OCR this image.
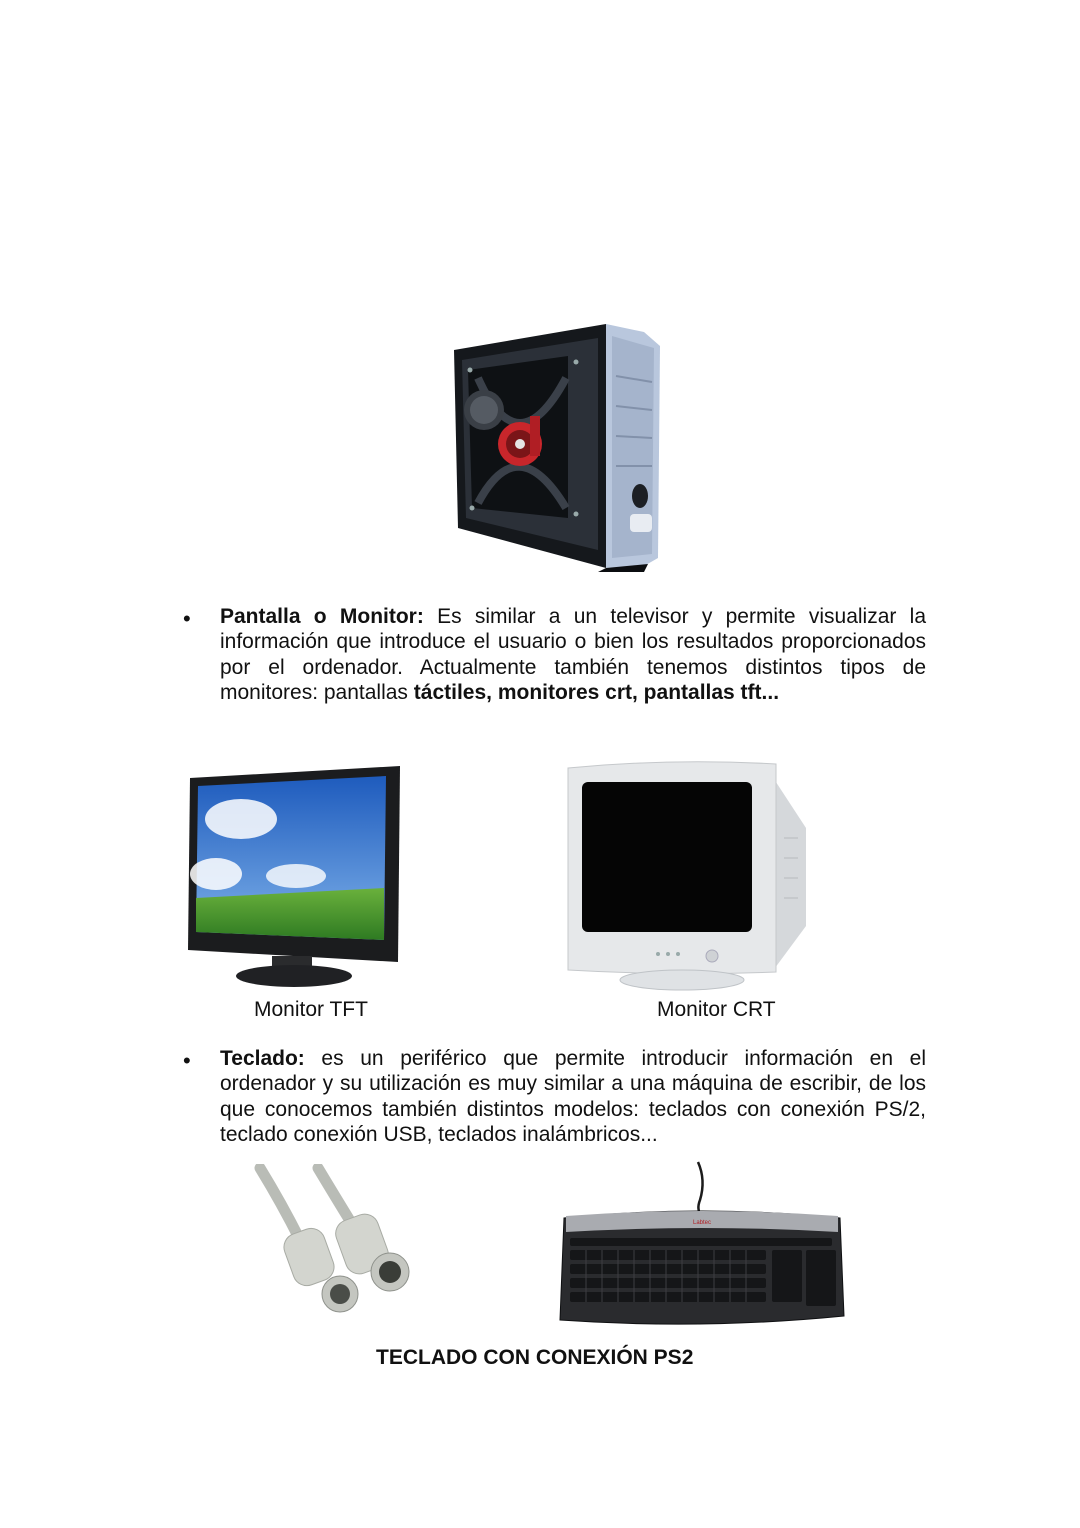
• Pantalla o Monitor: Es similar a un televisor y permite visualizar la información que introduce el usuario o bien los resultados proporcionados por el ordenador. Actualmente también tenemos distintos tipos de monitores: pantallas táctiles, monitores crt, pantallas tft...
Monitor TFT	Monitor CRT
• Teclado: es un periférico que permite introducir información en el ordenador y su utilización es muy similar a una máquina de escribir, de los que conocemos también distintos modelos: teclados con conexión PS/2, teclado conexión USB, teclados inalámbricos...
Labtec
TECLADO CON CONEXIÓN PS2
